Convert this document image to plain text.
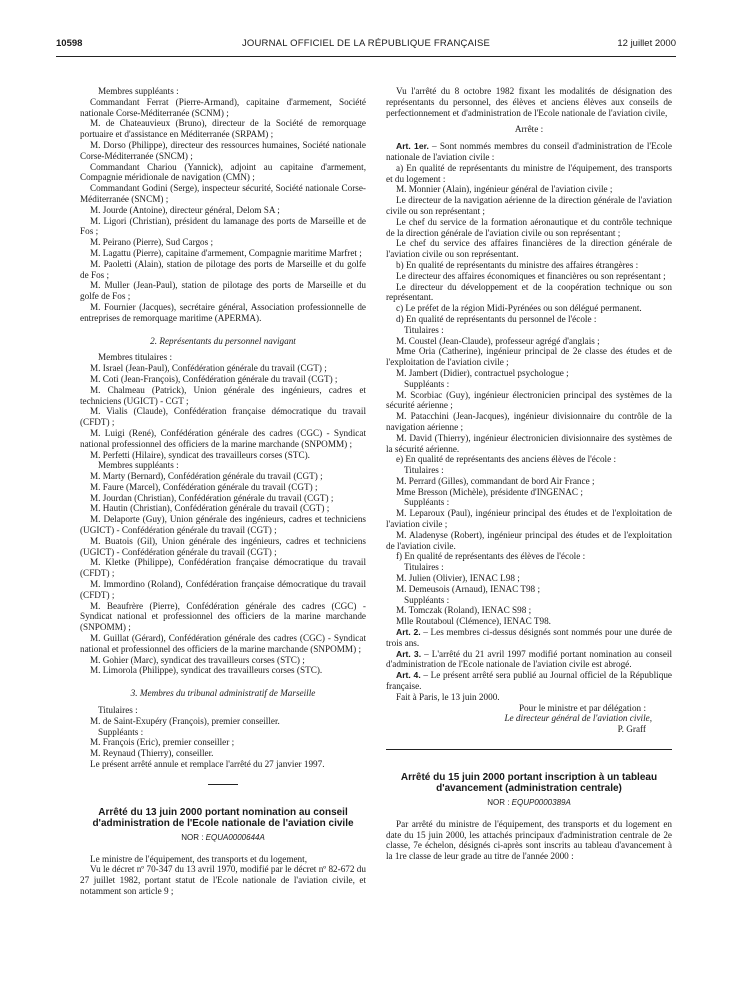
10598	JOURNAL OFFICIEL DE LA RÉPUBLIQUE FRANÇAISE	12 juillet 2000

Membres suppléants :

Commandant Ferrat (Pierre-Armand), capitaine d'armement, Société nationale Corse-Méditerranée (SCNM) ;

M. de Chateauvieux (Bruno), directeur de la Société de remorquage portuaire et d'assistance en Méditerranée (SRPAM) ;

M. Dorso (Philippe), directeur des ressources humaines, Société nationale Corse-Méditerranée (SNCM) ;

Commandant Chariou (Yannick), adjoint au capitaine d'armement, Compagnie méridionale de navigation (CMN) ;

Commandant Godini (Serge), inspecteur sécurité, Société nationale Corse-Méditerranée (SNCM) ;

M. Jourde (Antoine), directeur général, Delom SA ;

M. Ligori (Christian), président du lamanage des ports de Marseille et de Fos ;

M. Peirano (Pierre), Sud Cargos ;

M. Lagattu (Pierre), capitaine d'armement, Compagnie maritime Marfret ;

M. Paoletti (Alain), station de pilotage des ports de Marseille et du golfe de Fos ;

M. Muller (Jean-Paul), station de pilotage des ports de Marseille et du golfe de Fos ;

M. Fournier (Jacques), secrétaire général, Association professionnelle de entreprises de remorquage maritime (APERMA).

2. Représentants du personnel navigant

Membres titulaires :

M. Israel (Jean-Paul), Confédération générale du travail (CGT) ;

M. Coti (Jean-François), Confédération générale du travail (CGT) ;

M. Chalmeau (Patrick), Union générale des ingénieurs, cadres et techniciens (UGICT) - CGT ;

M. Vialis (Claude), Confédération française démocratique du travail (CFDT) ;

M. Luigi (René), Confédération générale des cadres (CGC) - Syndicat national professionnel des officiers de la marine marchande (SNPOMM) ;

M. Perfetti (Hilaire), syndicat des travailleurs corses (STC).

Membres suppléants :

M. Marty (Bernard), Confédération générale du travail (CGT) ;

M. Faure (Marcel), Confédération générale du travail (CGT) ;

M. Jourdan (Christian), Confédération générale du travail (CGT) ;

M. Hautin (Christian), Confédération générale du travail (CGT) ;

M. Delaporte (Guy), Union générale des ingénieurs, cadres et techniciens (UGICT) - Confédération générale du travail (CGT) ;

M. Buatois (Gil), Union générale des ingénieurs, cadres et techniciens (UGICT) - Confédération générale du travail (CGT) ;

M. Kletke (Philippe), Confédération française démocratique du travail (CFDT) ;

M. Immordino (Roland), Confédération française démocratique du travail (CFDT) ;

M. Beaufrère (Pierre), Confédération générale des cadres (CGC) - Syndicat national et professionnel des officiers de la marine marchande (SNPOMM) ;

M. Guillat (Gérard), Confédération générale des cadres (CGC) - Syndicat national et professionnel des officiers de la marine marchande (SNPOMM) ;

M. Gohier (Marc), syndicat des travailleurs corses (STC) ;

M. Limorola (Philippe), syndicat des travailleurs corses (STC).

3. Membres du tribunal administratif de Marseille

Titulaires :

M. de Saint-Exupéry (François), premier conseiller.

Suppléants :

M. François (Eric), premier conseiller ;

M. Reynaud (Thierry), conseiller.

Le présent arrêté annule et remplace l'arrêté du 27 janvier 1997.

Arrêté du 13 juin 2000 portant nomination au conseil d'administration de l'Ecole nationale de l'aviation civile
NOR : EQUA0000644A

Le ministre de l'équipement, des transports et du logement,

Vu le décret nº 70-347 du 13 avril 1970, modifié par le décret nº 82-672 du 27 juillet 1982, portant statut de l'Ecole nationale de l'aviation civile, et notamment son article 9 ;

Vu l'arrêté du 8 octobre 1982 fixant les modalités de désignation des représentants du personnel, des élèves et anciens élèves aux conseils de perfectionnement et d'administration de l'Ecole nationale de l'aviation civile,

Arrête :

Art. 1er. – Sont nommés membres du conseil d'administration de l'Ecole nationale de l'aviation civile :

a) En qualité de représentants du ministre de l'équipement, des transports et du logement :

M. Monnier (Alain), ingénieur général de l'aviation civile ;

Le directeur de la navigation aérienne de la direction générale de l'aviation civile ou son représentant ;

Le chef du service de la formation aéronautique et du contrôle technique de la direction générale de l'aviation civile ou son représentant ;

Le chef du service des affaires financières de la direction générale de l'aviation civile ou son représentant.

b) En qualité de représentants du ministre des affaires étrangères :

Le directeur des affaires économiques et financières ou son représentant ;

Le directeur du développement et de la coopération technique ou son représentant.

c) Le préfet de la région Midi-Pyrénées ou son délégué permanent.

d) En qualité de représentants du personnel de l'école :

Titulaires :

M. Coustel (Jean-Claude), professeur agrégé d'anglais ;

Mme Oria (Catherine), ingénieur principal de 2e classe des études et de l'exploitation de l'aviation civile ;

M. Jambert (Didier), contractuel psychologue ;

Suppléants :

M. Scorbiac (Guy), ingénieur électronicien principal des systèmes de la sécurité aérienne ;

M. Patacchini (Jean-Jacques), ingénieur divisionnaire du contrôle de la navigation aérienne ;

M. David (Thierry), ingénieur électronicien divisionnaire des systèmes de la sécurité aérienne.

e) En qualité de représentants des anciens élèves de l'école :

Titulaires :

M. Perrard (Gilles), commandant de bord Air France ;

Mme Bresson (Michèle), présidente d'INGENAC ;

Suppléants :

M. Leparoux (Paul), ingénieur principal des études et de l'exploitation de l'aviation civile ;

M. Aladenyse (Robert), ingénieur principal des études et de l'exploitation de l'aviation civile.

f) En qualité de représentants des élèves de l'école :

Titulaires :

M. Julien (Olivier), IENAC L98 ;

M. Demeusois (Arnaud), IENAC T98 ;

Suppléants :

M. Tomczak (Roland), IENAC S98 ;

Mlle Routaboul (Clémence), IENAC T98.

Art. 2. – Les membres ci-dessus désignés sont nommés pour une durée de trois ans.

Art. 3. – L'arrêté du 21 avril 1997 modifié portant nomination au conseil d'administration de l'Ecole nationale de l'aviation civile est abrogé.

Art. 4. – Le présent arrêté sera publié au Journal officiel de la République française.

Fait à Paris, le 13 juin 2000.

Pour le ministre et par délégation :

Le directeur général de l'aviation civile,

P. Graff

Arrêté du 15 juin 2000 portant inscription à un tableau d'avancement (administration centrale)
NOR : EQUP0000389A

Par arrêté du ministre de l'équipement, des transports et du logement en date du 15 juin 2000, les attachés principaux d'administration centrale de 2e classe, 7e échelon, désignés ci-après sont inscrits au tableau d'avancement à la 1re classe de leur grade au titre de l'année 2000 :
